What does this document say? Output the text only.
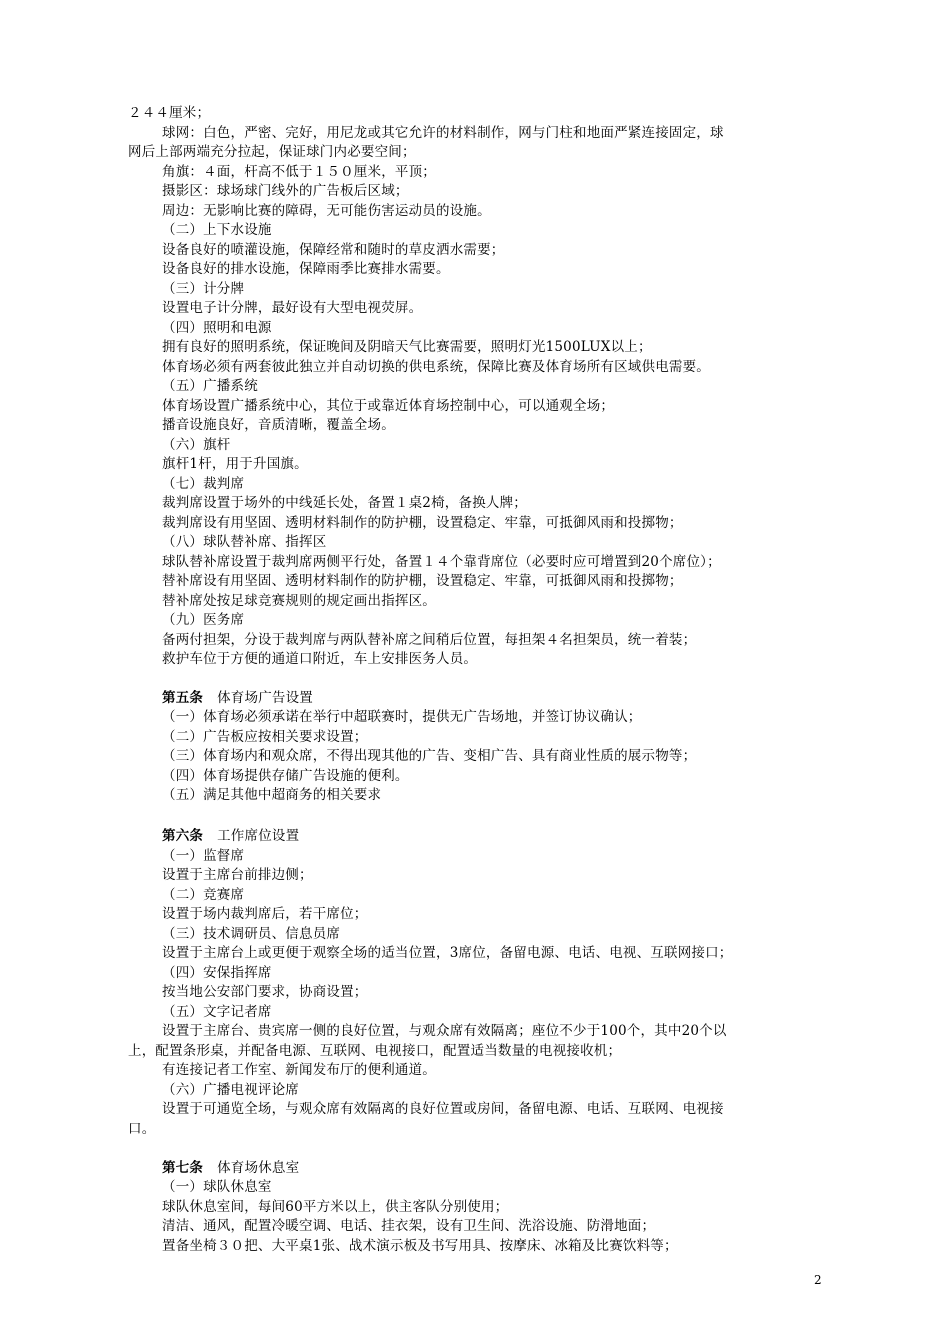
２４４厘米；
球网：白色，严密、完好，用尼龙或其它允许的材料制作，网与门柱和地面严紧连接固定，球
网后上部两端充分拉起，保证球门内必要空间；
角旗：４面，杆高不低于１５０厘米，平顶；
摄影区：球场球门线外的广告板后区域；
周边：无影响比赛的障碍，无可能伤害运动员的设施。
（二）上下水设施
设备良好的喷灌设施，保障经常和随时的草皮洒水需要；
设备良好的排水设施，保障雨季比赛排水需要。
（三）计分牌
设置电子计分牌，最好设有大型电视荧屏。
（四）照明和电源
拥有良好的照明系统，保证晚间及阴暗天气比赛需要，照明灯光1500LUX以上；
体育场必须有两套彼此独立并自动切换的供电系统，保障比赛及体育场所有区域供电需要。
（五）广播系统
体育场设置广播系统中心，其位于或靠近体育场控制中心，可以通观全场；
播音设施良好，音质清晰，覆盖全场。
（六）旗杆
旗杆1杆，用于升国旗。
（七）裁判席
裁判席设置于场外的中线延长处，备置１桌2椅，备换人牌；
裁判席设有用坚固、透明材料制作的防护棚，设置稳定、牢靠，可抵御风雨和投掷物；
（八）球队替补席、指挥区
球队替补席设置于裁判席两侧平行处，备置１４个靠背席位（必要时应可增置到20个席位）；
替补席设有用坚固、透明材料制作的防护棚，设置稳定、牢靠，可抵御风雨和投掷物；
替补席处按足球竞赛规则的规定画出指挥区。
（九）医务席
备两付担架，分设于裁判席与两队替补席之间稍后位置，每担架４名担架员，统一着装；
救护车位于方便的通道口附近，车上安排医务人员。
第五条 体育场广告设置
（一）体育场必须承诺在举行中超联赛时，提供无广告场地，并签订协议确认；
（二）广告板应按相关要求设置；
（三）体育场内和观众席，不得出现其他的广告、变相广告、具有商业性质的展示物等；
（四）体育场提供存储广告设施的便利。
（五）满足其他中超商务的相关要求
第六条 工作席位设置
（一）监督席
设置于主席台前排边侧；
（二）竞赛席
设置于场内裁判席后，若干席位；
（三）技术调研员、信息员席
设置于主席台上或更便于观察全场的适当位置，3席位，备留电源、电话、电视、互联网接口；
（四）安保指挥席
按当地公安部门要求，协商设置；
（五）文字记者席
设置于主席台、贵宾席一侧的良好位置，与观众席有效隔离；座位不少于100个，其中20个以
上，配置条形桌，并配备电源、互联网、电视接口，配置适当数量的电视接收机；
有连接记者工作室、新闻发布厅的便利通道。
（六）广播电视评论席
设置于可通览全场，与观众席有效隔离的良好位置或房间，备留电源、电话、互联网、电视接
口。
第七条 体育场休息室
（一）球队休息室
球队休息室间，每间60平方米以上，供主客队分别使用；
清洁、通风，配置冷暖空调、电话、挂衣架，设有卫生间、洗浴设施、防滑地面；
置备坐椅３０把、大平桌1张、战术演示板及书写用具、按摩床、冰箱及比赛饮料等；
2
